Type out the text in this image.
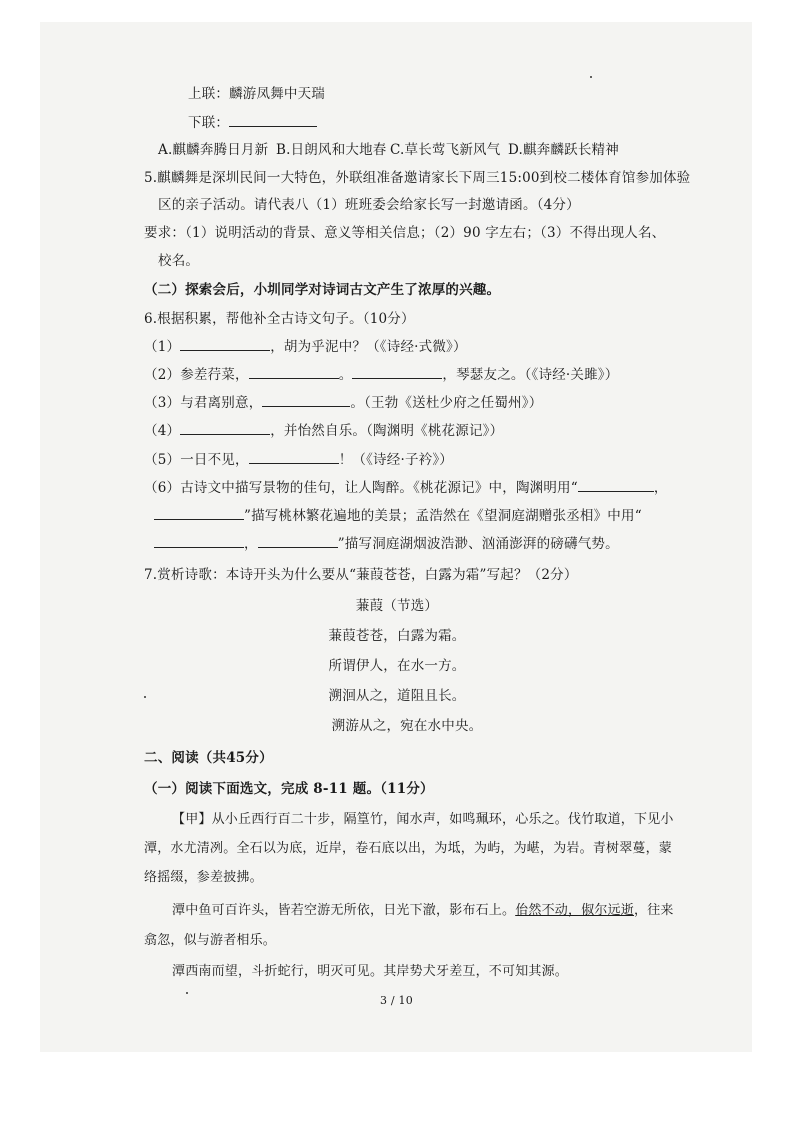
上联：麟游凤舞中天瑞
下联：
A.麒麟奔腾日月新 B.日朗风和大地春 C.草长莺飞新风气 D.麒奔麟跃长精神
5.麒麟舞是深圳民间一大特色，外联组准备邀请家长下周三15:00到校二楼体育馆参加体验
区的亲子活动。请代表八（1）班班委会给家长写一封邀请函。（4分）
要求：（1）说明活动的背景、意义等相关信息；（2）90 字左右；（3）不得出现人名、
校名。
（二）探索会后，小圳同学对诗词古文产生了浓厚的兴趣。
6.根据积累，帮他补全古诗文句子。（10分）
（1）	，胡为乎泥中？（《诗经·式微》）
（2）参差荇菜，	。	，琴瑟友之。（《诗经·关雎》）
（3）与君离别意，	。（王勃《送杜少府之任蜀州》）
（4）	，并怡然自乐。（陶渊明《桃花源记》）
（5）一日不见，	！（《诗经·子衿》）
（6）古诗文中描写景物的佳句，让人陶醉。《桃花源记》中，陶渊明用“	，
”描写桃林繁花遍地的美景；孟浩然在《望洞庭湖赠张丞相》中用“
，	”描写洞庭湖烟波浩渺、汹涌澎湃的磅礴气势。
7.赏析诗歌：本诗开头为什么要从“蒹葭苍苍，白露为霜”写起？（2分）
蒹葭（节选）
蒹葭苍苍，白露为霜。
所谓伊人，在水一方。
溯洄从之，道阻且长。
溯游从之，宛在水中央。
二、阅读（共45分）
（一）阅读下面选文，完成 8-11 题。（11分）
【甲】从小丘西行百二十步，隔篁竹，闻水声，如鸣珮环，心乐之。伐竹取道，下见小
潭，水尤清冽。全石以为底，近岸，卷石底以出，为坻，为屿，为嵁，为岩。青树翠蔓，蒙
络摇缀，参差披拂。
潭中鱼可百许头，皆若空游无所依，日光下澈，影布石上。佁然不动，俶尔远逝，往来
翕忽，似与游者相乐。
潭西南而望，斗折蛇行，明灭可见。其岸势犬牙差互，不可知其源。
3 / 10
